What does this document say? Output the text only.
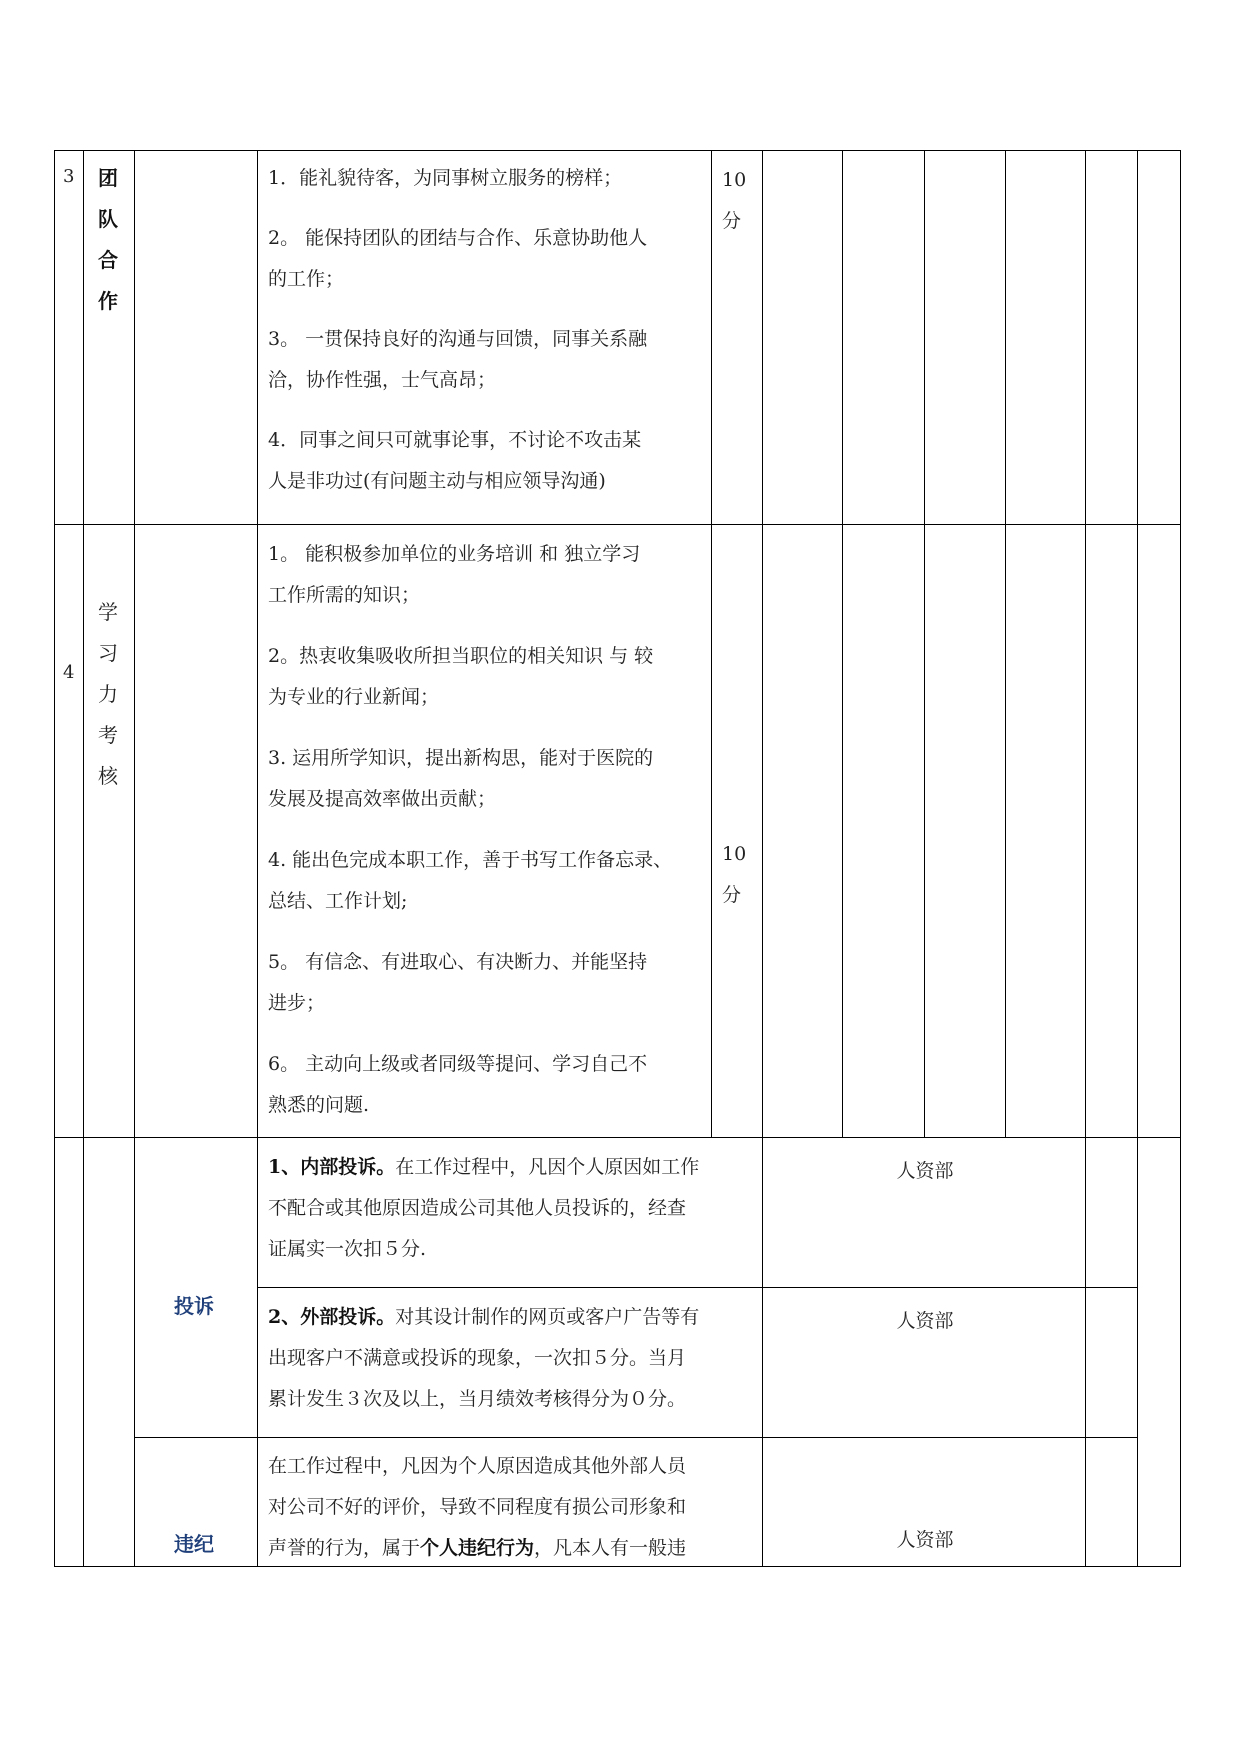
3 团
队
合
作
1．能礼貌待客，为同事树立服务的榜样；
2。 能保持团队的团结与合作、乐意协助他人
的工作；
3。 一贯保持良好的沟通与回馈，同事关系融
洽，协作性强，士气高昂；
4．同事之间只可就事论事，不讨论不攻击某
人是非功过(有问题主动与相应领导沟通)
10
分
4
学
习
力
考
核
1。 能积极参加单位的业务培训 和 独立学习
工作所需的知识；
2。热衷收集吸收所担当职位的相关知识 与 较
为专业的行业新闻；
3. 运用所学知识，提出新构思，能对于医院的
发展及提高效率做出贡献；
4. 能出色完成本职工作，善于书写工作备忘录、
总结、工作计划;
5。 有信念、有进取心、有决断力、并能坚持
进步；
6。 主动向上级或者同级等提问、学习自己不
熟悉的问题.
10
分
投诉
1、内部投诉。在工作过程中，凡因个人原因如工作
不配合或其他原因造成公司其他人员投诉的，经查
证属实一次扣５分.
人资部
2、外部投诉。对其设计制作的网页或客户广告等有
出现客户不满意或投诉的现象，一次扣５分。当月
累计发生３次及以上，当月绩效考核得分为０分。
人资部
违纪
在工作过程中，凡因为个人原因造成其他外部人员
对公司不好的评价，导致不同程度有损公司形象和
声誉的行为，属于个人违纪行为，凡本人有一般违	人资部
